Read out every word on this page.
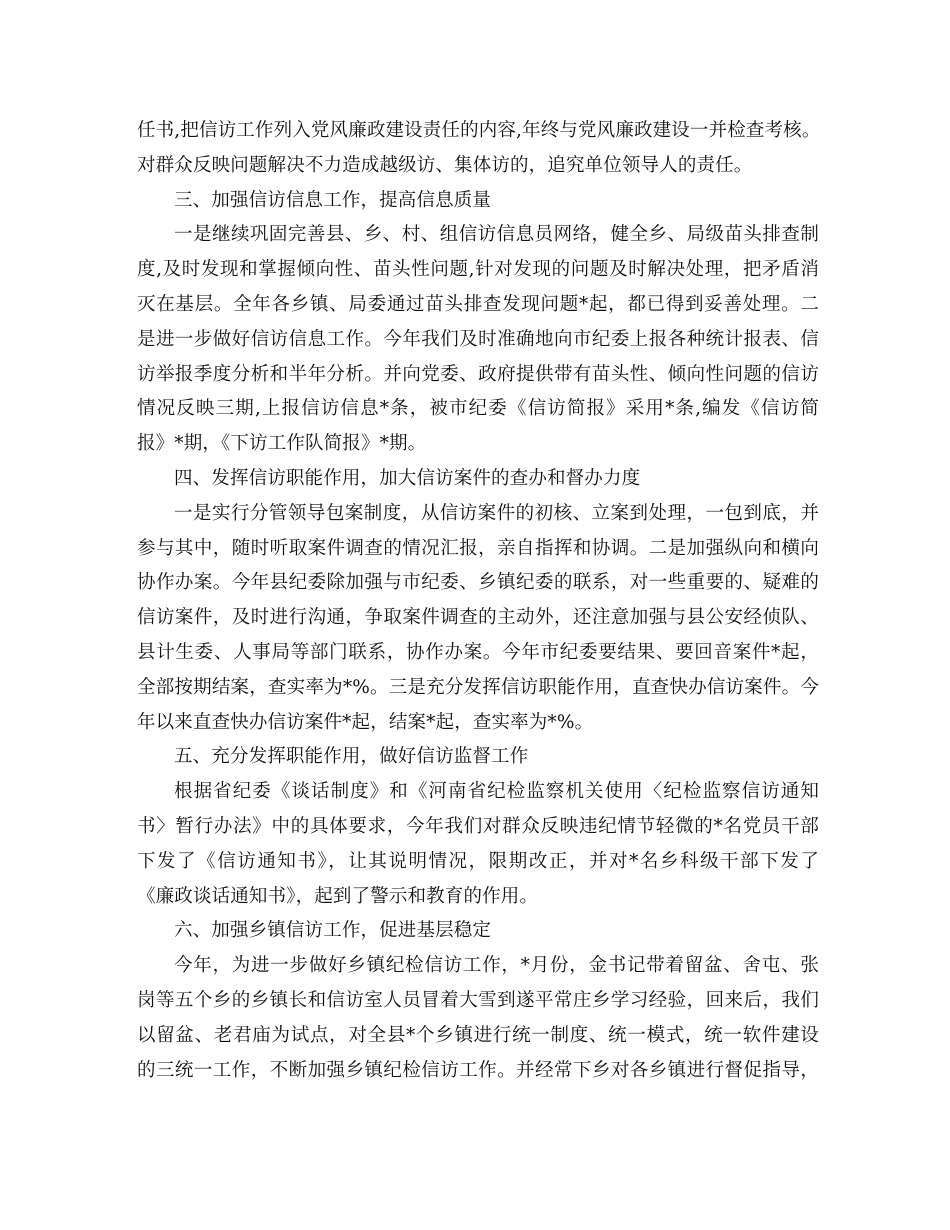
任书,把信访工作列入党风廉政建设责任的内容,年终与党风廉政建设一并检查考核。
对群众反映问题解决不力造成越级访、集体访的，追究单位领导人的责任。
三、加强信访信息工作，提高信息质量
一是继续巩固完善县、乡、村、组信访信息员网络，健全乡、局级苗头排查制
度,及时发现和掌握倾向性、苗头性问题,针对发现的问题及时解决处理，把矛盾消
灭在基层。全年各乡镇、局委通过苗头排查发现问题*起，都已得到妥善处理。二
是进一步做好信访信息工作。今年我们及时准确地向市纪委上报各种统计报表、信
访举报季度分析和半年分析。并向党委、政府提供带有苗头性、倾向性问题的信访
情况反映三期,上报信访信息*条，被市纪委《信访简报》采用*条,编发《信访简
报》*期，《下访工作队简报》*期。
四、发挥信访职能作用，加大信访案件的查办和督办力度
一是实行分管领导包案制度，从信访案件的初核、立案到处理，一包到底，并
参与其中，随时听取案件调查的情况汇报，亲自指挥和协调。二是加强纵向和横向
协作办案。今年县纪委除加强与市纪委、乡镇纪委的联系，对一些重要的、疑难的
信访案件，及时进行沟通，争取案件调查的主动外，还注意加强与县公安经侦队、
县计生委、人事局等部门联系，协作办案。今年市纪委要结果、要回音案件*起，
全部按期结案，查实率为*%。三是充分发挥信访职能作用，直查快办信访案件。今
年以来直查快办信访案件*起，结案*起，查实率为*%。
五、充分发挥职能作用，做好信访监督工作
根据省纪委《谈话制度》和《河南省纪检监察机关使用〈纪检监察信访通知
书〉暂行办法》中的具体要求，今年我们对群众反映违纪情节轻微的*名党员干部
下发了《信访通知书》，让其说明情况，限期改正，并对*名乡科级干部下发了
《廉政谈话通知书》，起到了警示和教育的作用。
六、加强乡镇信访工作，促进基层稳定
今年，为进一步做好乡镇纪检信访工作，*月份，金书记带着留盆、舍屯、张
岗等五个乡的乡镇长和信访室人员冒着大雪到遂平常庄乡学习经验，回来后，我们
以留盆、老君庙为试点，对全县*个乡镇进行统一制度、统一模式，统一软件建设
的三统一工作，不断加强乡镇纪检信访工作。并经常下乡对各乡镇进行督促指导，
